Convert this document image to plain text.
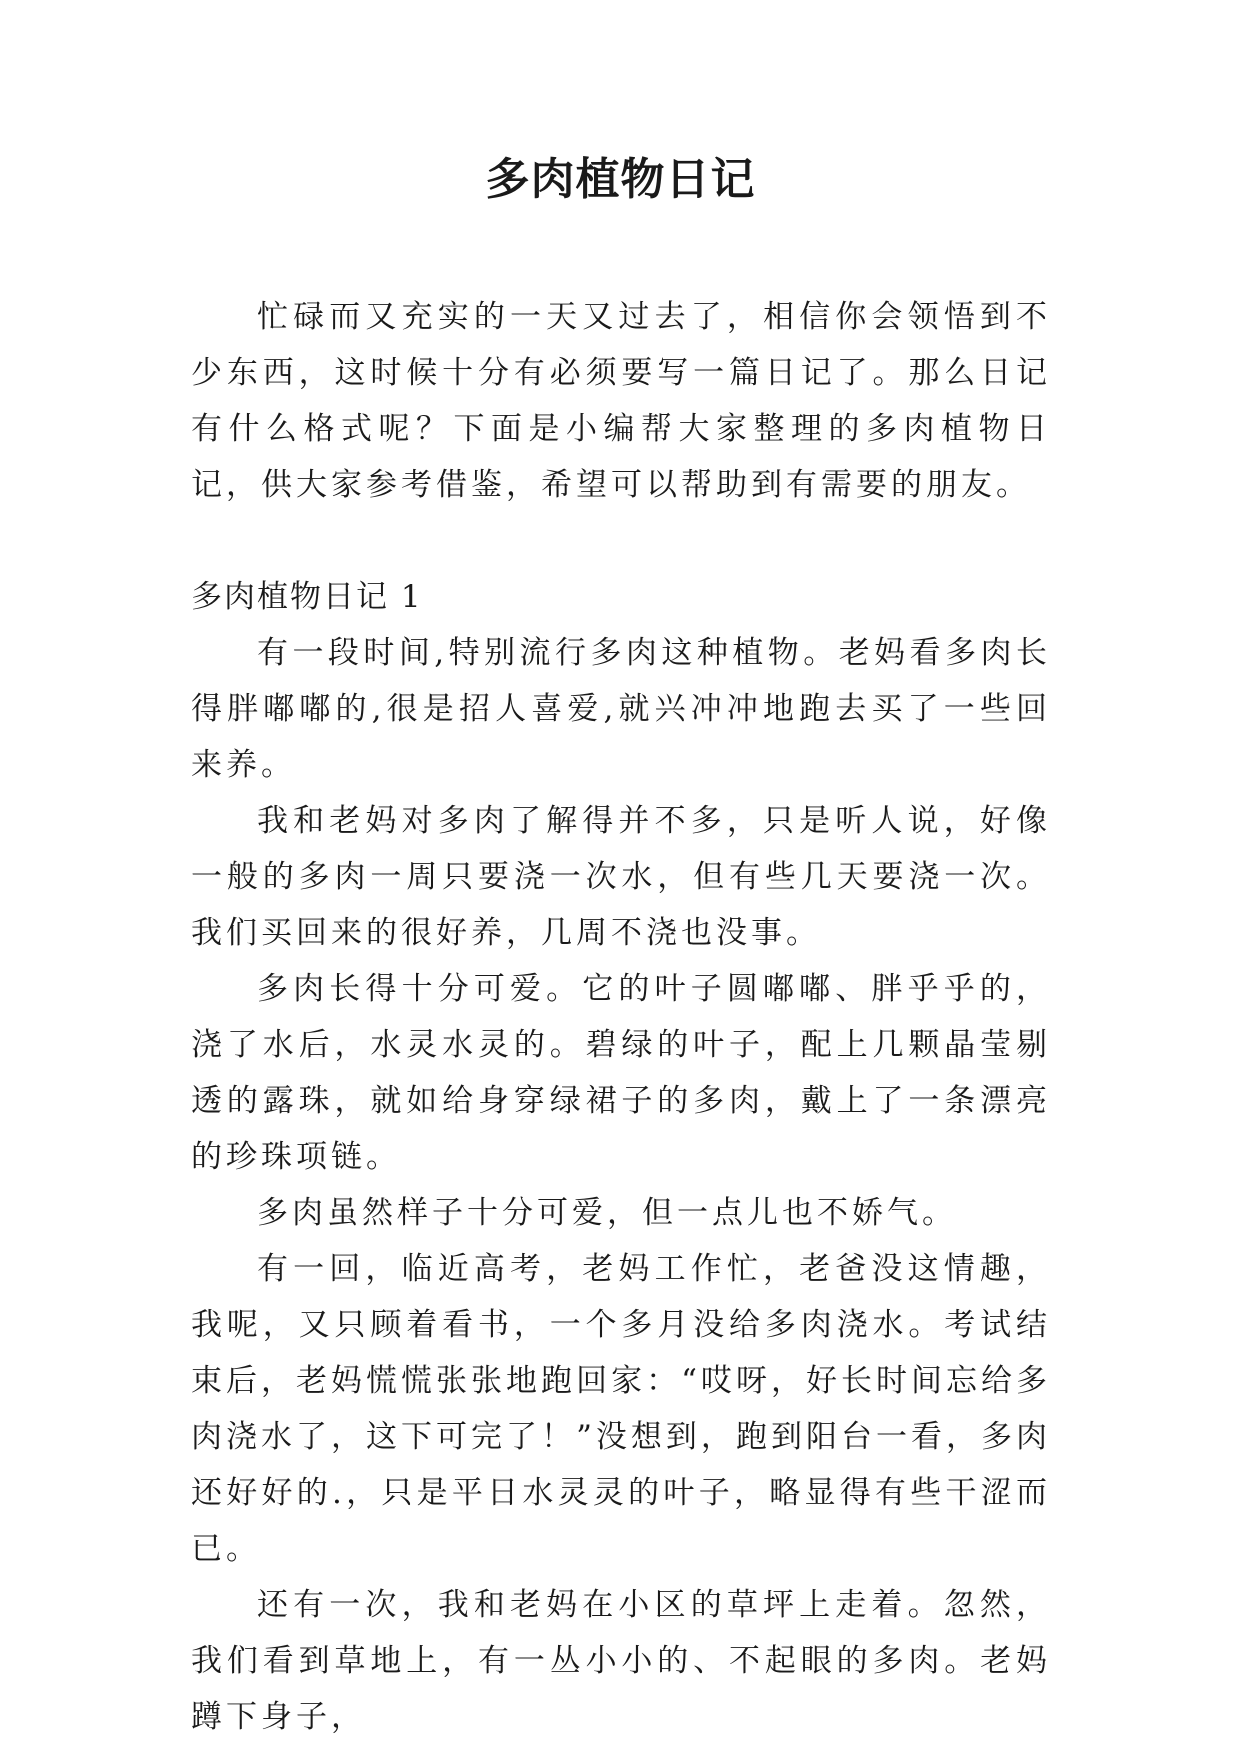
多肉植物日记

忙碌而又充实的一天又过去了，相信你会领悟到不少东西，这时候十分有必须要写一篇日记了。那么日记有什么格式呢？下面是小编帮大家整理的多肉植物日记，供大家参考借鉴，希望可以帮助到有需要的朋友。

多肉植物日记 1

有一段时间,特别流行多肉这种植物。老妈看多肉长得胖嘟嘟的,很是招人喜爱,就兴冲冲地跑去买了一些回来养。

我和老妈对多肉了解得并不多，只是听人说，好像一般的多肉一周只要浇一次水，但有些几天要浇一次。我们买回来的很好养，几周不浇也没事。

多肉长得十分可爱。它的叶子圆嘟嘟、胖乎乎的，浇了水后，水灵水灵的。碧绿的叶子，配上几颗晶莹剔透的露珠，就如给身穿绿裙子的多肉，戴上了一条漂亮的珍珠项链。

多肉虽然样子十分可爱，但一点儿也不娇气。

有一回，临近高考，老妈工作忙，老爸没这情趣，我呢，又只顾着看书，一个多月没给多肉浇水。考试结束后，老妈慌慌张张地跑回家：“哎呀，好长时间忘给多肉浇水了，这下可完了！”没想到，跑到阳台一看，多肉还好好的.，只是平日水灵灵的叶子，略显得有些干涩而已。

还有一次，我和老妈在小区的草坪上走着。忽然，我们看到草地上，有一丛小小的、不起眼的多肉。老妈蹲下身子，
